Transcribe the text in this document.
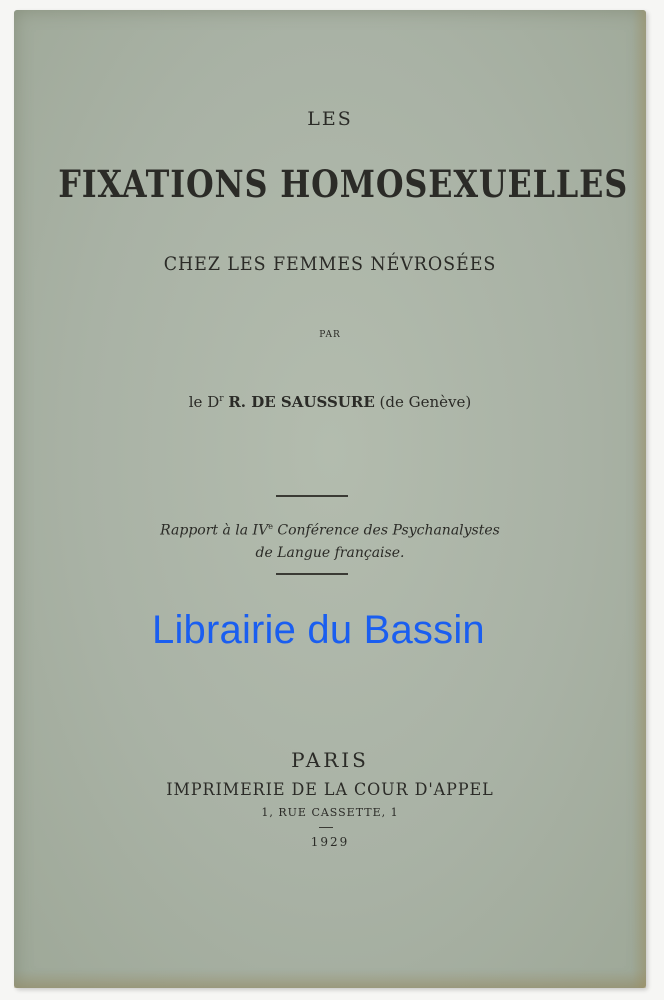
LES
FIXATIONS HOMOSEXUELLES
CHEZ LES FEMMES NÉVROSÉES
PAR
le $D^r$ R. DE SAUSSURE (de Genève)
Rapport à la IVe Conférence des Psychanalystes
de Langue française.
PARIS
IMPRIMERIE DE LA COUR D'APPEL
1, RUE CASSETTE, 1
1929
Librairie du Bassin
